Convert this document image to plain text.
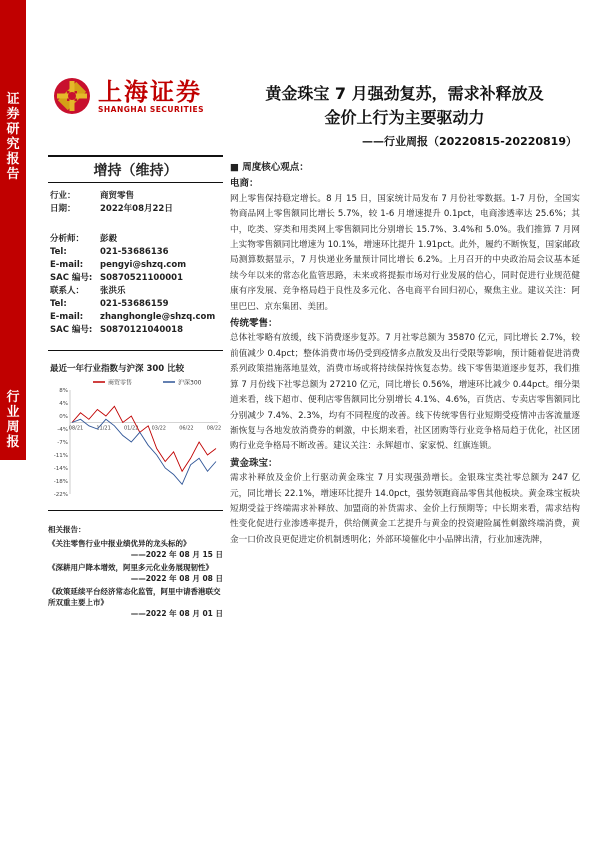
证券研究报告
行业周报
上海证券
SHANGHAI SECURITIES
黄金珠宝 7 月强劲复苏，需求补释放及
金价上行为主要驱动力
——行业周报（20220815-20220819）
增持（维持）
行业：	商贸零售
日期：	2022年08月22日
分析师：	彭毅
Tel:	021-53686136
E-mail:	pengyi@shzq.com
SAC 编号: S0870521100001
联系人：	张洪乐
Tel:	021-53686159
E-mail:	zhanghongle@shzq.com
SAC 编号: S0870121040018
最近一年行业指数与沪深 300 比较
商贸零售	沪深300
8%
4%
0%
-4%
-7%
-11%
-14%
-18%
-22%
08/21	11/21	01/22	03/22	06/22	08/22
相关报告：
《关注零售行业中报业绩优异的龙头标的》
——2022 年 08 月 15 日
《深耕用户降本增效，阿里多元化业务展现韧性》
——2022 年 08 月 08 日
《政策延续平台经济常态化监管，阿里中请香港联交所双重主要上市》
——2022 年 08 月 01 日
■ 周度核心观点：
电商：

网上零售保持稳定增长。8 月 15 日，国家统计局发布 7 月份社零数据。1-7 月份，全国实物商品网上零售额同比增长 5.7%，较 1-6 月增速提升 0.1pct，电商渗透率达 25.6%；其中，吃类、穿类和用类网上零售额同比分别增长 15.7%、3.4%和 5.0%。我们推算 7 月网上实物零售额同比增速为 10.1%，增速环比提升 1.91pct。此外，履约不断恢复，国家邮政局测算数据显示，7 月快递业务量预计同比增长 6.2%。上月召开的中央政治局会议基本延续今年以来的常态化监管思路，未来或将提振市场对行业发展的信心，同时促进行业规范健康有序发展、竞争格局趋于良性及多元化、各电商平台回归初心，聚焦主业。建议关注：阿里巴巴、京东集团、美团。

传统零售：

总体社零略有放缓，线下消费逐步复苏。7 月社零总额为 35870 亿元，同比增长 2.7%，较前值减少 0.4pct；整体消费市场仍受到疫情多点散发及出行受限等影响，预计随着促进消费系列政策措施落地显效，消费市场或将持续保持恢复态势。线下零售渠道逐步复苏，我们推算 7 月份线下社零总额为 27210 亿元，同比增长 0.56%，增速环比减少 0.44pct。细分渠道来看，线下超市、便利店零售额同比分别增长 4.1%、4.6%，百货店、专卖店零售额同比分别减少 7.4%、2.3%，均有不同程度的改善。线下传统零售行业短期受疫情冲击客流量逐渐恢复与各地发放消费券的刺激，中长期来看，社区团购等行业竞争格局趋于优化，社区团购行业竞争格局不断改善。建议关注：永辉超市、家家悦、红旗连锁。

黄金珠宝：

需求补释放及金价上行驱动黄金珠宝 7 月实现强劲增长。金银珠宝类社零总额为 247 亿元，同比增长 22.1%，增速环比提升 14.0pct，强势领跑商品零售其他板块。黄金珠宝板块短期受益于终端需求补释放、加盟商的补货需求、金价上行预期等；中长期来看，需求结构性变化促进行业渗透率提升，供给侧黄金工艺提升与黄金的投资避险属性刺激终端消费，黄金一口价改良更促进定价机制透明化；外部环境催化中小品牌出清，行业加速洗牌，
